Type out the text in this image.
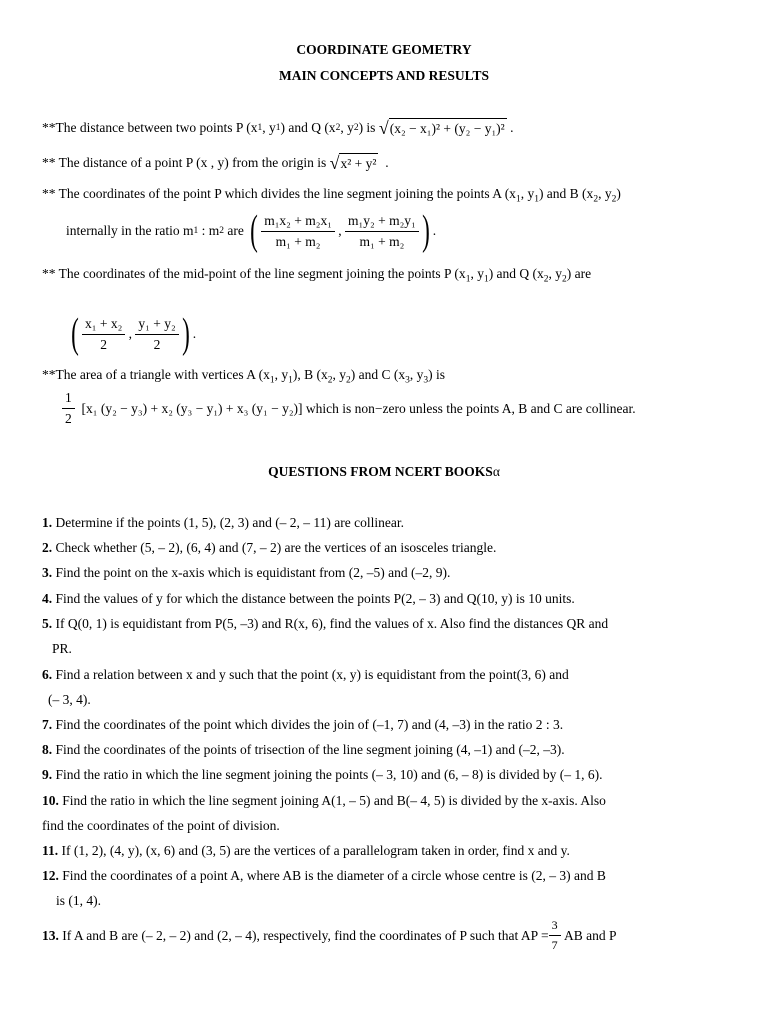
COORDINATE GEOMETRY
MAIN CONCEPTS AND RESULTS
**The distance between two points P (x 1 , y 1 ) and Q (x 2 , y 2 ) is
√ (x₂ − x₁)² + (y₂ − y₁)²
.
** The distance of a point P (x , y) from the origin is
√ x² + y²
.
** The coordinates of the point P which divides the line segment joining the points A ($x_1$, $y_1$) and B ($x_2$, $y_2$)
internally in the ratio m 1 : m 2 are ( $\frac{\text{m₁x₂ + m₂x₁}}{\text{m₁ + m₂}}$ , $\frac{\text{m₁y₂ + m₂y₁}}{\text{m₁ + m₂}}$ ) .
** The coordinates of the mid-point of the line segment joining the points P ($x_1$, $y_1$) and Q ($x_2$, $y_2$) are
( $\frac{\text{x₁ + x₂}}{2}$ , $\frac{\text{y₁ + y₂}}{2}$ ) .
**The area of a triangle with vertices A ($x_1$, $y_1$), B ($x_2$, $y_2$) and C ($x_3$, $y_3$) is
$\frac{1}{2}$
[x₁ (y₂ − y₃) + x₂ (y₃ − y₁) + x₃ (y₁ − y₂)] which is non−zero unless the points A, B and C are collinear.
QUESTIONS FROM NCERT BOOKSα
1. Determine if the points (1, 5), (2, 3) and (– 2, – 11) are collinear.
2. Check whether (5, – 2), (6, 4) and (7, – 2) are the vertices of an isosceles triangle.
3. Find the point on the x-axis which is equidistant from (2, –5) and (–2, 9).
4. Find the values of y for which the distance between the points P(2, – 3) and Q(10, y) is 10 units.
5. If Q(0, 1) is equidistant from P(5, –3) and R(x, 6), find the values of x. Also find the distances QR and
PR.
6. Find a relation between x and y such that the point (x, y) is equidistant from the point(3, 6) and
(– 3, 4).
7. Find the coordinates of the point which divides the join of (–1, 7) and (4, –3) in the ratio 2 : 3.
8. Find the coordinates of the points of trisection of the line segment joining (4, –1) and (–2, –3).
9. Find the ratio in which the line segment joining the points (– 3, 10) and (6, – 8) is divided by (– 1, 6).
10. Find the ratio in which the line segment joining A(1, – 5) and B(– 4, 5) is divided by the x-axis. Also
find the coordinates of the point of division.
11. If (1, 2), (4, y), (x, 6) and (3, 5) are the vertices of a parallelogram taken in order, find x and y.
12. Find the coordinates of a point A, where AB is the diameter of a circle whose centre is (2, – 3) and B
is (1, 4).
13.
If A and B are (– 2, – 2) and (2, – 4), respectively, find the coordinates of P such that AP = $\frac{3}{7}$
AB and P
